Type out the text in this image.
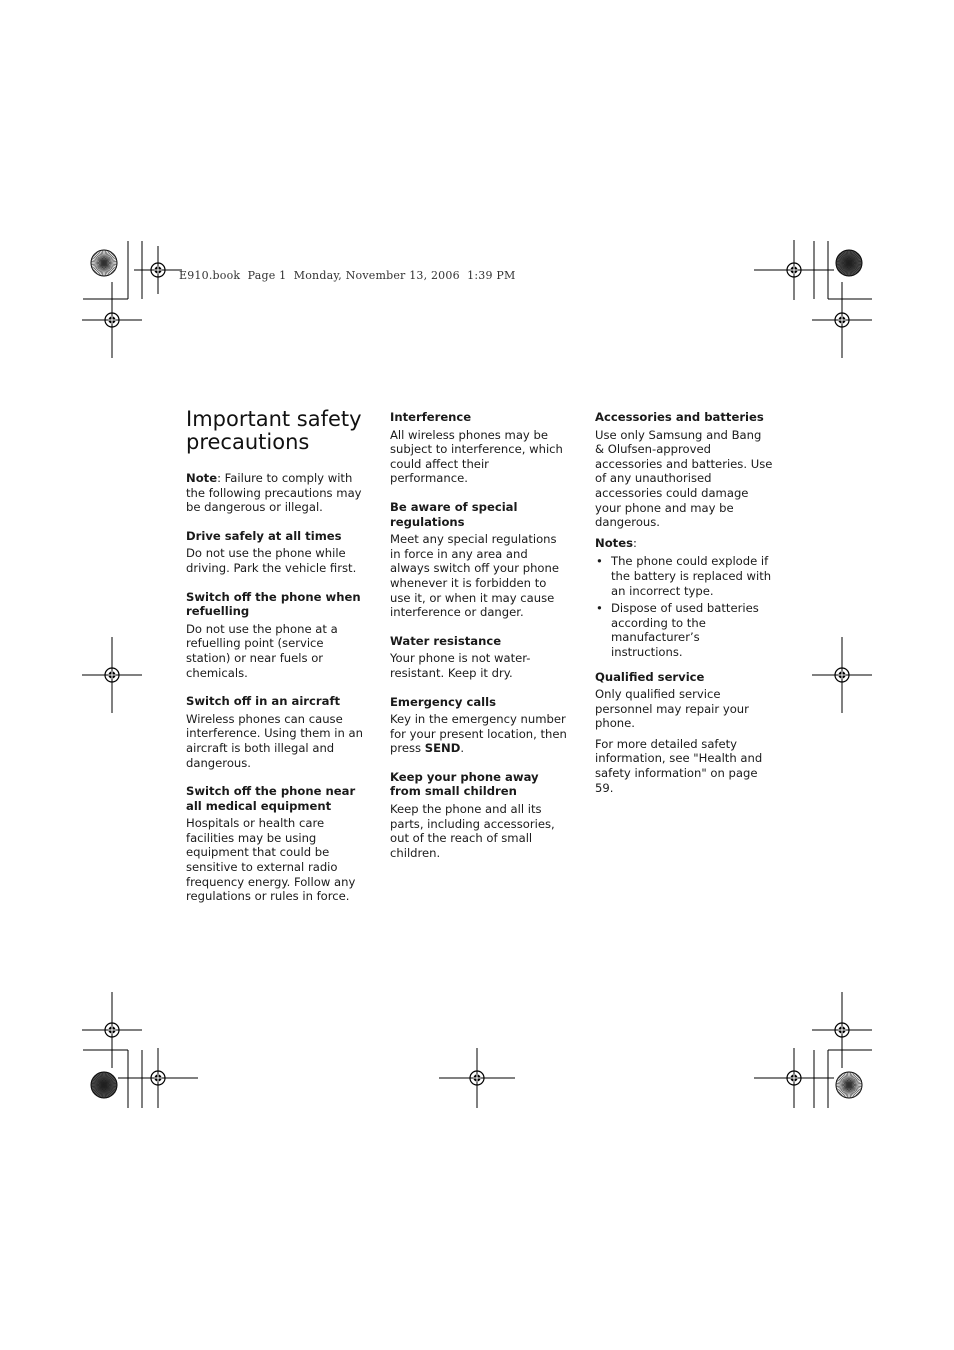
E910.book  Page 1  Monday, November 13, 2006  1:39 PM
Important safety precautions

Note: Failure to comply with the following precautions may be dangerous or illegal.

Drive safely at all times

Do not use the phone while driving. Park the vehicle first.

Switch off the phone when refuelling

Do not use the phone at a refuelling point (service station) or near fuels or chemicals.

Switch off in an aircraft

Wireless phones can cause interference. Using them in an aircraft is both illegal and dangerous.

Switch off the phone near all medical equipment

Hospitals or health care facilities may be using equipment that could be sensitive to external radio frequency energy. Follow any regulations or rules in force.

Interference

All wireless phones may be subject to interference, which could affect their performance.

Be aware of special regulations

Meet any special regulations in force in any area and always switch off your phone whenever it is forbidden to use it, or when it may cause interference or danger.

Water resistance

Your phone is not water-resistant. Keep it dry.

Emergency calls

Key in the emergency number for your present location, then press SEND.

Keep your phone away from small children

Keep the phone and all its parts, including accessories, out of the reach of small children.

Accessories and batteries

Use only Samsung and Bang & Olufsen-approved accessories and batteries. Use of any unauthorised accessories could damage your phone and may be dangerous.

Notes:
• The phone could explode if the battery is replaced with an incorrect type.
• Dispose of used batteries according to the manufacturer’s instructions.
Qualified service

Only qualified service personnel may repair your phone.

For more detailed safety information, see "Health and safety information" on page 59.
